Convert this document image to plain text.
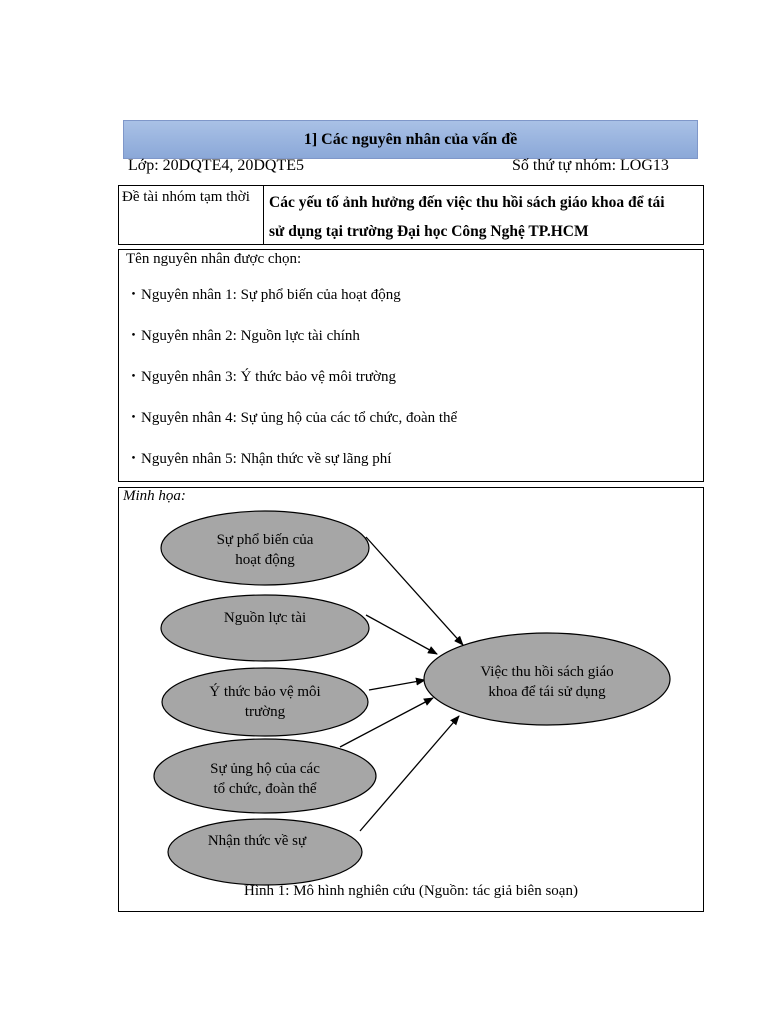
1] Các nguyên nhân của vấn đề
Lớp: 20DQTE4, 20DQTE5	Số thứ tự nhóm: LOG13
Đề tài nhóm tạm thời	Các yếu tố ảnh hưởng đến việc thu hồi sách giáo khoa để tái
sử dụng tại trường Đại học Công Nghệ TP.HCM
Tên nguyên nhân được chọn:
・Nguyên nhân 1: Sự phổ biến của hoạt động
・Nguyên nhân 2: Nguồn lực tài chính
・Nguyên nhân 3: Ý thức bảo vệ môi trường
・Nguyên nhân 4: Sự ủng hộ của các tổ chức, đoàn thể
・Nguyên nhân 5: Nhận thức về sự lãng phí
Minh họa:
Sự phổ biến của
hoạt động
Nguồn lực tài
Ý thức bảo vệ môi
trường
Sự ủng hộ của các
tổ chức, đoàn thể
Nhận thức về sự
Việc thu hồi sách giáo
khoa để tái sử dụng
Hình 1: Mô hình nghiên cứu (Nguồn: tác giả biên soạn)
